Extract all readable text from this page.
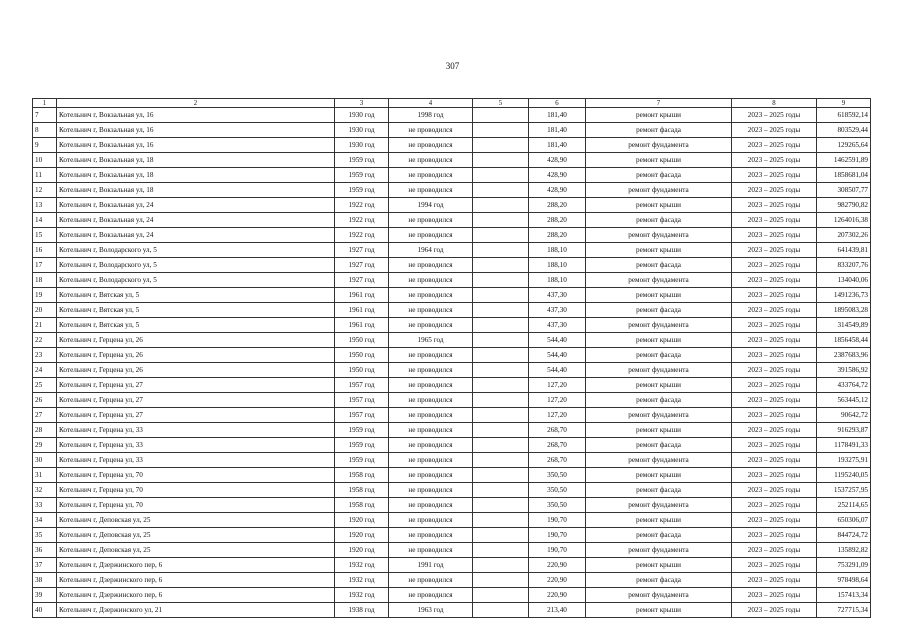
307
1	2	3	4	5	6	7	8	9
7	Котельнич г, Вокзальная ул, 16	1930 год	1998 год		181,40	ремонт крыши	2023 – 2025 годы	618592,14
8	Котельнич г, Вокзальная ул, 16	1930 год	не проводился		181,40	ремонт фасада	2023 – 2025 годы	803529,44
9	Котельнич г, Вокзальная ул, 16	1930 год	не проводился		181,40	ремонт фундамента	2023 – 2025 годы	129265,64
10	Котельнич г, Вокзальная ул, 18	1959 год	не проводился		428,90	ремонт крыши	2023 – 2025 годы	1462591,89
11	Котельнич г, Вокзальная ул, 18	1959 год	не проводился		428,90	ремонт фасада	2023 – 2025 годы	1858681,04
12	Котельнич г, Вокзальная ул, 18	1959 год	не проводился		428,90	ремонт фундамента	2023 – 2025 годы	308507,77
13	Котельнич г, Вокзальная ул, 24	1922 год	1994 год		288,20	ремонт крыши	2023 – 2025 годы	982790,82
14	Котельнич г, Вокзальная ул, 24	1922 год	не проводился		288,20	ремонт фасада	2023 – 2025 годы	1264016,38
15	Котельнич г, Вокзальная ул, 24	1922 год	не проводился		288,20	ремонт фундамента	2023 – 2025 годы	207302,26
16	Котельнич г, Володарского ул, 5	1927 год	1964 год		188,10	ремонт крыши	2023 – 2025 годы	641439,81
17	Котельнич г, Володарского ул, 5	1927 год	не проводился		188,10	ремонт фасада	2023 – 2025 годы	833207,76
18	Котельнич г, Володарского ул, 5	1927 год	не проводился		188,10	ремонт фундамента	2023 – 2025 годы	134040,06
19	Котельнич г, Вятская ул, 5	1961 год	не проводился		437,30	ремонт крыши	2023 – 2025 годы	1491236,73
20	Котельнич г, Вятская ул, 5	1961 год	не проводился		437,30	ремонт фасада	2023 – 2025 годы	1895083,28
21	Котельнич г, Вятская ул, 5	1961 год	не проводился		437,30	ремонт фундамента	2023 – 2025 годы	314549,89
22	Котельнич г, Герцена ул, 26	1950 год	1965 год		544,40	ремонт крыши	2023 – 2025 годы	1856458,44
23	Котельнич г, Герцена ул, 26	1950 год	не проводился		544,40	ремонт фасада	2023 – 2025 годы	2387683,96
24	Котельнич г, Герцена ул, 26	1950 год	не проводился		544,40	ремонт фундамента	2023 – 2025 годы	391586,92
25	Котельнич г, Герцена ул, 27	1957 год	не проводился		127,20	ремонт крыши	2023 – 2025 годы	433764,72
26	Котельнич г, Герцена ул, 27	1957 год	не проводился		127,20	ремонт фасада	2023 – 2025 годы	563445,12
27	Котельнич г, Герцена ул, 27	1957 год	не проводился		127,20	ремонт фундамента	2023 – 2025 годы	90642,72
28	Котельнич г, Герцена ул, 33	1959 год	не проводился		268,70	ремонт крыши	2023 – 2025 годы	916293,87
29	Котельнич г, Герцена ул, 33	1959 год	не проводился		268,70	ремонт фасада	2023 – 2025 годы	1178491,33
30	Котельнич г, Герцена ул, 33	1959 год	не проводился		268,70	ремонт фундамента	2023 – 2025 годы	193275,91
31	Котельнич г, Герцена ул, 70	1958 год	не проводился		350,50	ремонт крыши	2023 – 2025 годы	1195240,05
32	Котельнич г, Герцена ул, 70	1958 год	не проводился		350,50	ремонт фасада	2023 – 2025 годы	1537257,95
33	Котельнич г, Герцена ул, 70	1958 год	не проводился		350,50	ремонт фундамента	2023 – 2025 годы	252114,65
34	Котельнич г, Деповская ул, 25	1920 год	не проводился		190,70	ремонт крыши	2023 – 2025 годы	650306,07
35	Котельнич г, Деповская ул, 25	1920 год	не проводился		190,70	ремонт фасада	2023 – 2025 годы	844724,72
36	Котельнич г, Деповская ул, 25	1920 год	не проводился		190,70	ремонт фундамента	2023 – 2025 годы	135892,82
37	Котельнич г, Дзержинского пер, 6	1932 год	1991 год		220,90	ремонт крыши	2023 – 2025 годы	753291,09
38	Котельнич г, Дзержинского пер, 6	1932 год	не проводился		220,90	ремонт фасада	2023 – 2025 годы	978498,64
39	Котельнич г, Дзержинского пер, 6	1932 год	не проводился		220,90	ремонт фундамента	2023 – 2025 годы	157413,34
40	Котельнич г, Дзержинского ул, 21	1938 год	1963 год		213,40	ремонт крыши	2023 – 2025 годы	727715,34
